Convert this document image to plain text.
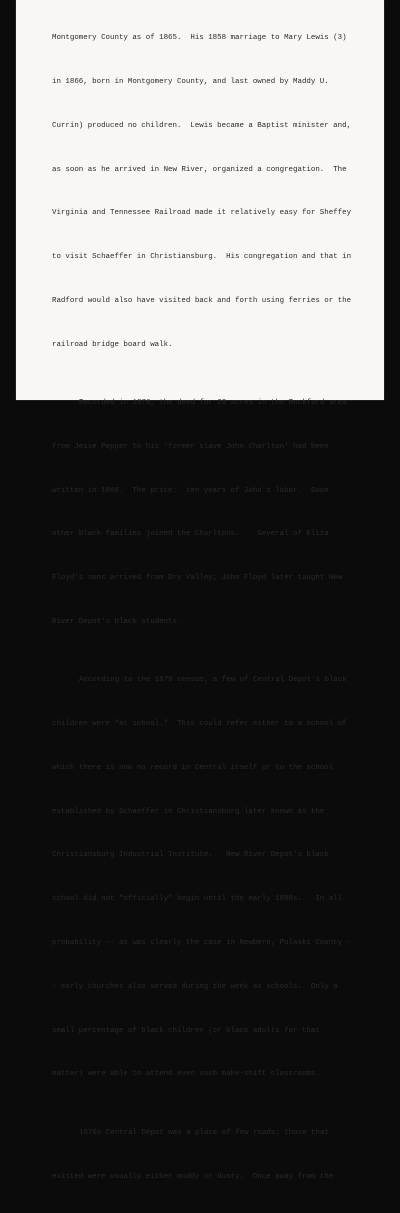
Montgomery County as of 1865.  His 1858 marriage to Mary Lewis (3)

in 1866, born in Montgomery County, and last owned by Maddy U.

Currin) produced no children.  Lewis became a Baptist minister and,

as soon as he arrived in New River, organized a congregation.  The

Virginia and Tennessee Railroad made it relatively easy for Sheffey

to visit Schaeffer in Christiansburg.  His congregation and that in

Radford would also have visited back and forth using ferries or the

railroad bridge board walk.

Recorded in 1876, the deed for 20 acres in the Rockford area

from Jesse Pepper to his 'former slave John Charlton' had been

written in 1868.  The price:  ten years of John's labor.  Soon

other black families joined the Charltons.    Several of Eliza

Floyd's sons arrived from Dry Valley; John Floyd later taught New

River Depot's black students.

According to the 1870 census, a few of Central Depot's black

children were "at school."  This could refer either to a school of

which there is now no record in Central itself or to the school

established by Schaeffer in Christiansburg later known as the

Christiansburg Industrial Institute.   New River Depot's black

school did not "officially" begin until the early 1890s.   In all

probability -- as was clearly the case in Newbern, Pulaski County -

- early churches also served during the week as schools.  Only a

small percentage of black children (or black adults for that

matter) were able to attend even such make-shift classrooms.

1870s Central Depot was a place of few roads; those that

existed were usually either muddy or dusty.  Once away from the
